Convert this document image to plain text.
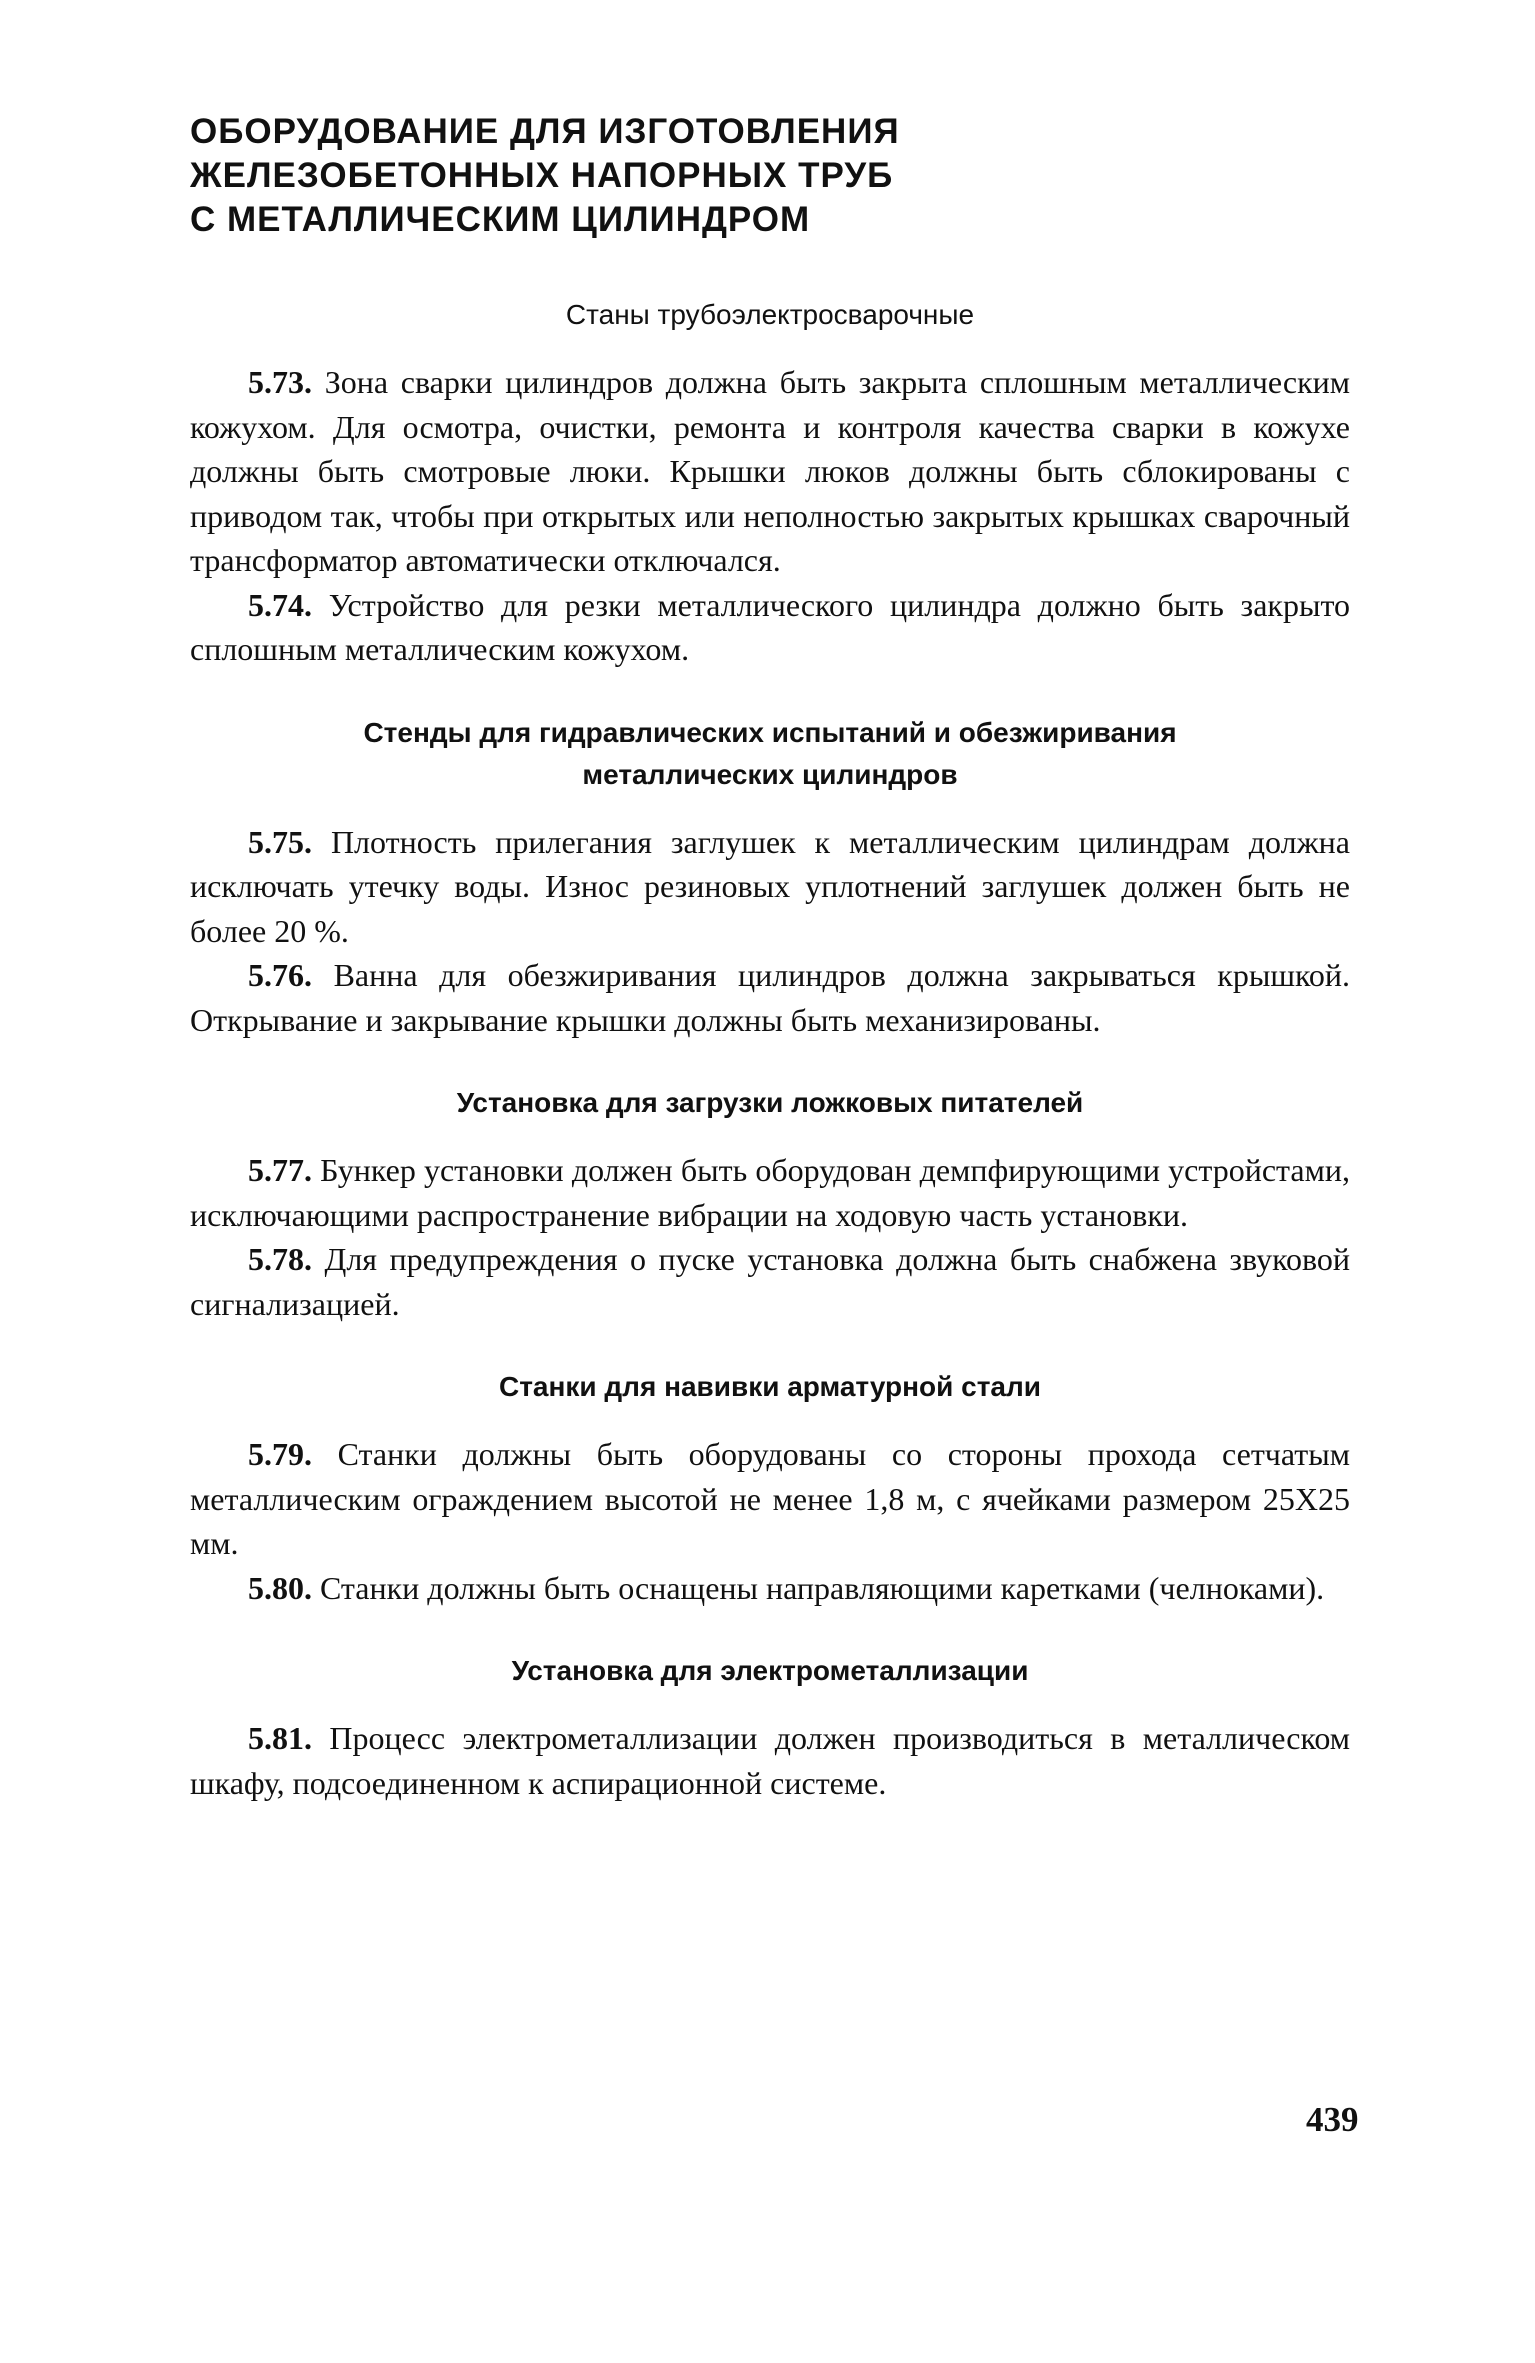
ОБОРУДОВАНИЕ ДЛЯ ИЗГОТОВЛЕНИЯ
ЖЕЛЕЗОБЕТОННЫХ НАПОРНЫХ ТРУБ
С МЕТАЛЛИЧЕСКИМ ЦИЛИНДРОМ
Станы трубоэлектросварочные

5.73. Зона сварки цилиндров должна быть закрыта сплошным металлическим кожухом. Для осмотра, очистки, ремонта и контроля качества сварки в кожухе должны быть смотровые люки. Крышки люков должны быть сблокированы с приводом так, чтобы при открытых или неполностью закрытых крышках сварочный трансформатор автоматически отключался.

5.74. Устройство для резки металлического цилиндра должно быть закрыто сплошным металлическим кожухом.

Стенды для гидравлических испытаний и обезжиривания металлических цилиндров

5.75. Плотность прилегания заглушек к металлическим цилиндрам должна исключать утечку воды. Износ резиновых уплотнений заглушек должен быть не более 20 %.

5.76. Ванна для обезжиривания цилиндров должна закрываться крышкой. Открывание и закрывание крышки должны быть механизированы.

Установка для загрузки ложковых питателей

5.77. Бункер установки должен быть оборудован демпфирующими устройстами, исключающими распространение вибрации на ходовую часть установки.

5.78. Для предупреждения о пуске установка должна быть снабжена звуковой сигнализацией.

Станки для навивки арматурной стали

5.79. Станки должны быть оборудованы со стороны прохода сетчатым металлическим ограждением высотой не менее 1,8 м, с ячейками размером 25Х25 мм.

5.80. Станки должны быть оснащены направляющими каретками (челноками).

Установка для электрометаллизации

5.81. Процесс электрометаллизации должен производиться в металлическом шкафу, подсоединенном к аспирационной системе.

439
